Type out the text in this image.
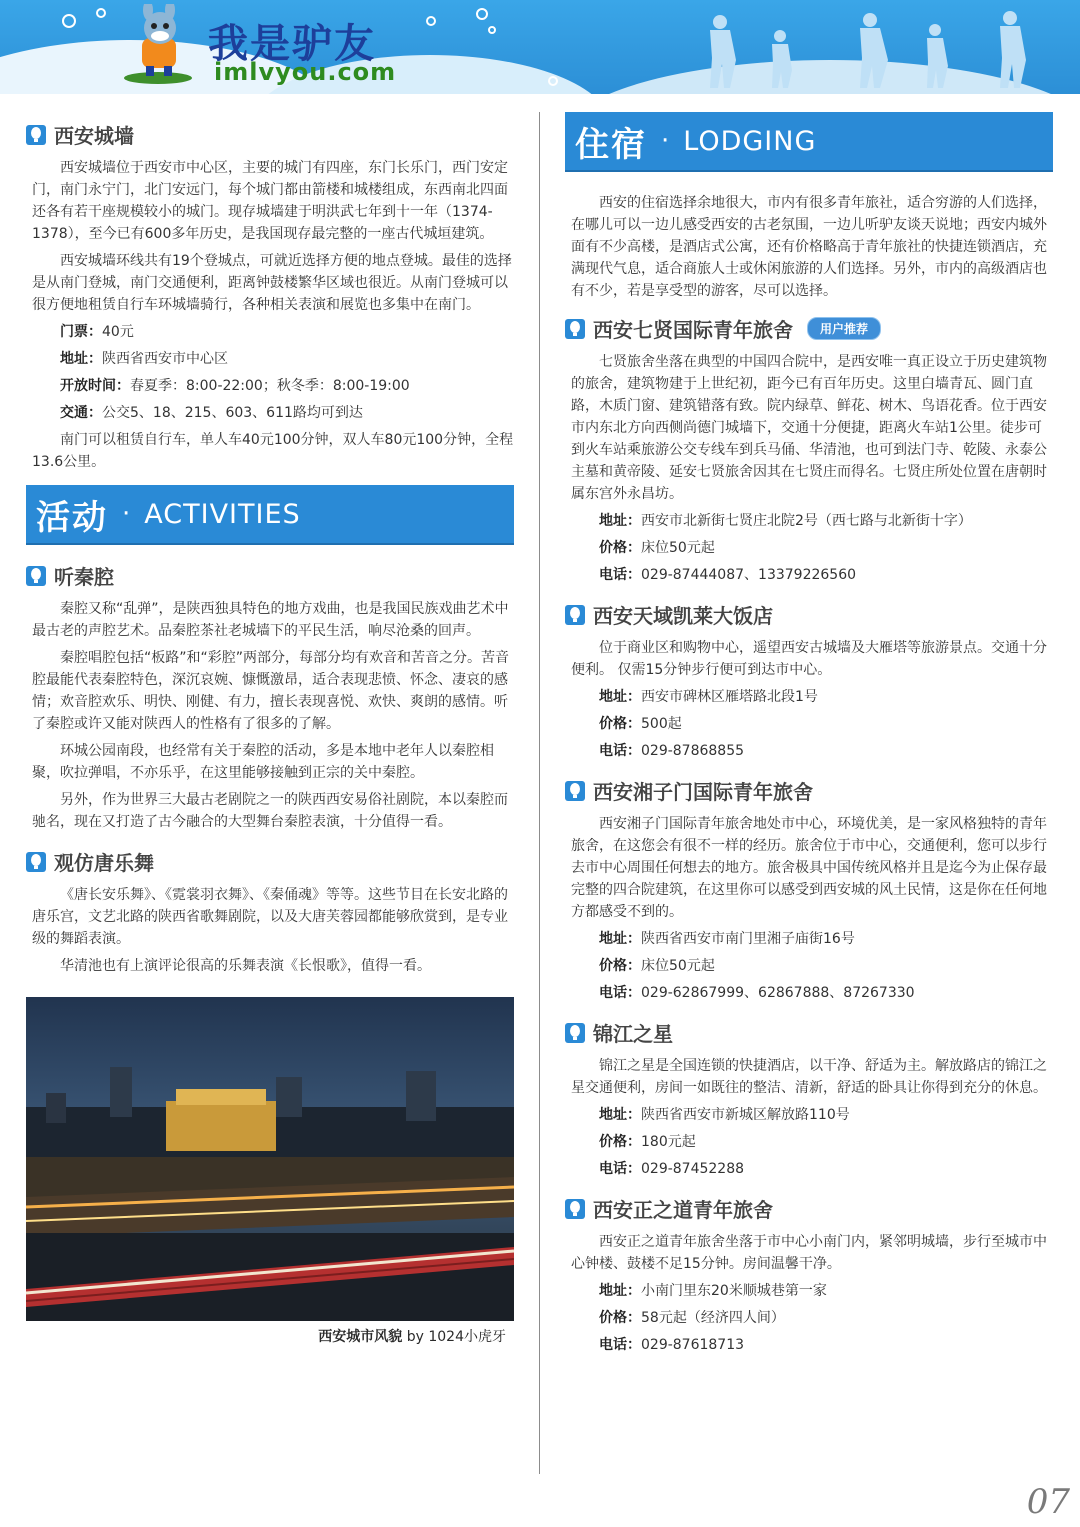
我是驴友
imlvyou.com
西安城墙

西安城墙位于西安市中心区，主要的城门有四座，东门长乐门，西门安定门，南门永宁门，北门安远门，每个城门都由箭楼和城楼组成，东西南北四面还各有若干座规模较小的城门。现存城墙建于明洪武七年到十一年（1374-1378），至今已有600多年历史，是我国现存最完整的一座古代城垣建筑。

西安城墙环线共有19个登城点，可就近选择方便的地点登城。最佳的选择是从南门登城，南门交通便利，距离钟鼓楼繁华区域也很近。从南门登城可以很方便地租赁自行车环城墙骑行，各种相关表演和展览也多集中在南门。

门票：40元
地址：陕西省西安市中心区
开放时间：春夏季：8:00-22:00；秋冬季：8:00-19:00
交通：公交5、18、215、603、611路均可到达

南门可以租赁自行车，单人车40元100分钟，双人车80元100分钟，全程13.6公里。

活动 · ACTIVITIES
听秦腔

秦腔又称“乱弹”，是陕西独具特色的地方戏曲，也是我国民族戏曲艺术中最古老的声腔艺术。品秦腔茶社老城墙下的平民生活，响尽沧桑的回声。

秦腔唱腔包括“板路”和“彩腔”两部分，每部分均有欢音和苦音之分。苦音腔最能代表秦腔特色，深沉哀婉、慷慨激昂，适合表现悲愤、怀念、凄哀的感情；欢音腔欢乐、明快、刚健、有力，擅长表现喜悦、欢快、爽朗的感情。听了秦腔或许又能对陕西人的性格有了很多的了解。

环城公园南段，也经常有关于秦腔的活动，多是本地中老年人以秦腔相聚，吹拉弹唱，不亦乐乎，在这里能够接触到正宗的关中秦腔。

另外，作为世界三大最古老剧院之一的陕西西安易俗社剧院，本以秦腔而驰名，现在又打造了古今融合的大型舞台秦腔表演，十分值得一看。

观仿唐乐舞

《唐长安乐舞》、《霓裳羽衣舞》、《秦俑魂》等等。这些节目在长安北路的唐乐宫，文艺北路的陕西省歌舞剧院，以及大唐芙蓉园都能够欣赏到，是专业级的舞蹈表演。

华清池也有上演评论很高的乐舞表演《长恨歌》，值得一看。

西安城市风貌 by 1024小虎牙
住宿 · LODGING

西安的住宿选择余地很大，市内有很多青年旅社，适合穷游的人们选择，在哪儿可以一边儿感受西安的古老氛围，一边儿听驴友谈天说地；西安内城外面有不少高楼，是酒店式公寓，还有价格略高于青年旅社的快捷连锁酒店，充满现代气息，适合商旅人士或休闲旅游的人们选择。另外，市内的高级酒店也有不少，若是享受型的游客，尽可以选择。

西安七贤国际青年旅舍	用户推荐

七贤旅舍坐落在典型的中国四合院中，是西安唯一真正设立于历史建筑物的旅舍，建筑物建于上世纪初，距今已有百年历史。这里白墙青瓦、圆门直路，木质门窗、建筑错落有致。院内绿草、鲜花、树木、鸟语花香。位于西安市内东北方向西侧尚德门城墙下，交通十分便捷，距离火车站1公里。徒步可到火车站乘旅游公交专线车到兵马俑、华清池，也可到法门寺、乾陵、永泰公主墓和黄帝陵、延安七贤旅舍因其在七贤庄而得名。七贤庄所处位置在唐朝时属东宫外永昌坊。

地址：西安市北新街七贤庄北院2号（西七路与北新街十字）
价格：床位50元起
电话：029-87444087、13379226560
西安天域凯莱大饭店

位于商业区和购物中心，遥望西安古城墙及大雁塔等旅游景点。交通十分便利。 仅需15分钟步行便可到达市中心。

地址：西安市碑林区雁塔路北段1号
价格：500起
电话：029-87868855
西安湘子门国际青年旅舍

西安湘子门国际青年旅舍地处市中心，环境优美，是一家风格独特的青年旅舍，在这您会有很不一样的经历。旅舍位于市中心，交通便利，您可以步行去市中心周围任何想去的地方。旅舍极具中国传统风格并且是迄今为止保存最完整的四合院建筑，在这里你可以感受到西安城的风土民情，这是你在任何地方都感受不到的。

地址：陕西省西安市南门里湘子庙街16号
价格：床位50元起
电话：029-62867999、62867888、87267330
锦江之星

锦江之星是全国连锁的快捷酒店，以干净、舒适为主。解放路店的锦江之星交通便利，房间一如既往的整洁、清新，舒适的卧具让你得到充分的休息。

地址：陕西省西安市新城区解放路110号
价格：180元起
电话：029-87452288
西安正之道青年旅舍

西安正之道青年旅舍坐落于市中心小南门内，紧邻明城墙，步行至城市中心钟楼、鼓楼不足15分钟。房间温馨干净。

地址：小南门里东20米顺城巷第一家
价格：58元起（经济四人间）
电话：029-87618713
07
